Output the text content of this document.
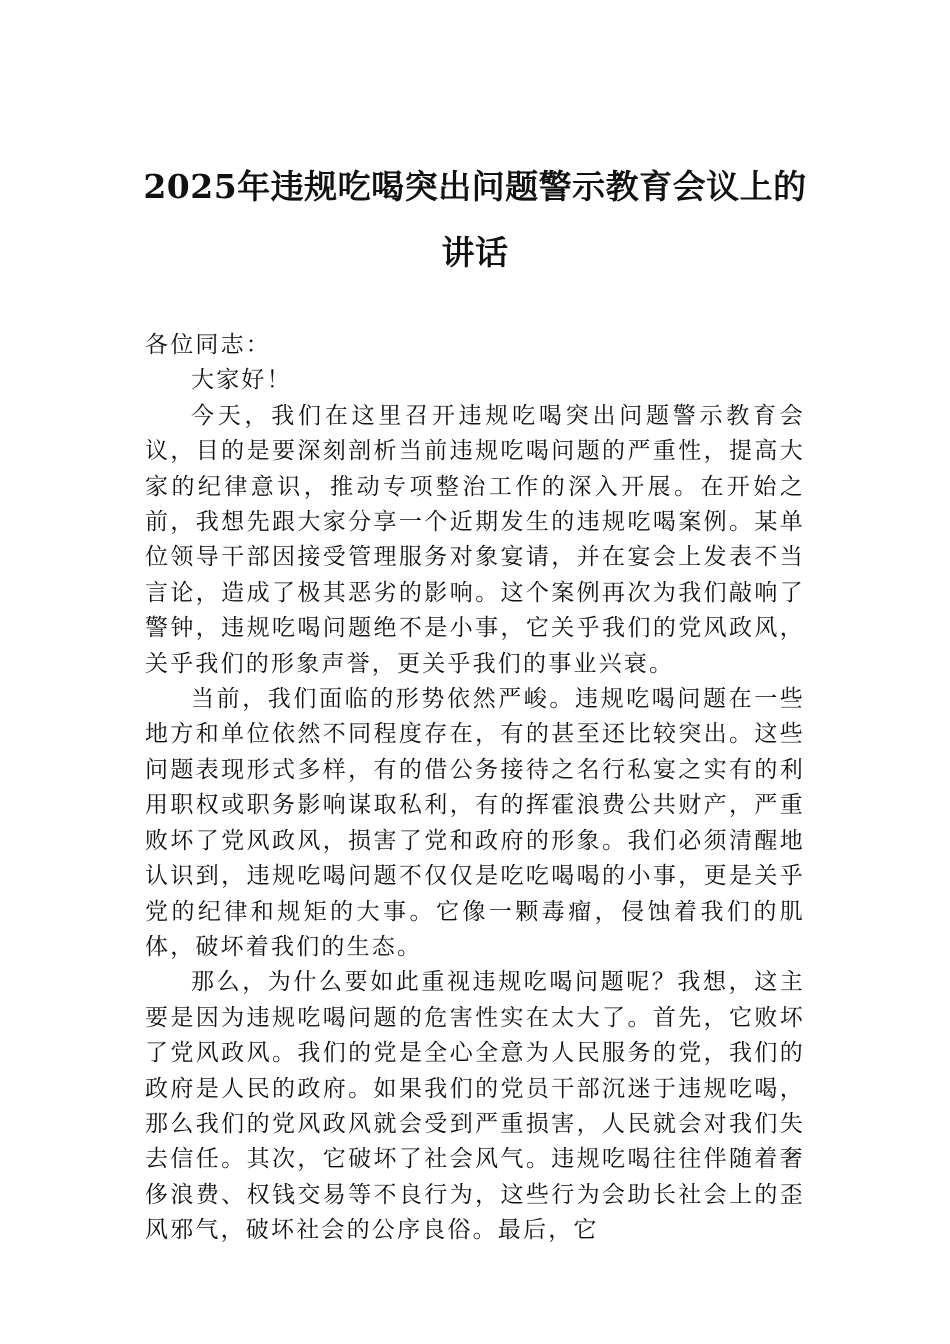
2025年违规吃喝突出问题警示教育会议上的讲话

各位同志：

大家好！

今天，我们在这里召开违规吃喝突出问题警示教育会议，目的是要深刻剖析当前违规吃喝问题的严重性，提高大家的纪律意识，推动专项整治工作的深入开展。在开始之前，我想先跟大家分享一个近期发生的违规吃喝案例。某单位领导干部因接受管理服务对象宴请，并在宴会上发表不当言论，造成了极其恶劣的影响。这个案例再次为我们敲响了警钟，违规吃喝问题绝不是小事，它关乎我们的党风政风，关乎我们的形象声誉，更关乎我们的事业兴衰。

当前，我们面临的形势依然严峻。违规吃喝问题在一些地方和单位依然不同程度存在，有的甚至还比较突出。这些问题表现形式多样，有的借公务接待之名行私宴之实有的利用职权或职务影响谋取私利，有的挥霍浪费公共财产，严重败坏了党风政风，损害了党和政府的形象。我们必须清醒地认识到，违规吃喝问题不仅仅是吃吃喝喝的小事，更是关乎党的纪律和规矩的大事。它像一颗毒瘤，侵蚀着我们的肌体，破坏着我们的生态。

那么，为什么要如此重视违规吃喝问题呢？我想，这主要是因为违规吃喝问题的危害性实在太大了。首先，它败坏了党风政风。我们的党是全心全意为人民服务的党，我们的政府是人民的政府。如果我们的党员干部沉迷于违规吃喝，那么我们的党风政风就会受到严重损害，人民就会对我们失去信任。其次，它破坏了社会风气。违规吃喝往往伴随着奢侈浪费、权钱交易等不良行为，这些行为会助长社会上的歪风邪气，破坏社会的公序良俗。最后，它
